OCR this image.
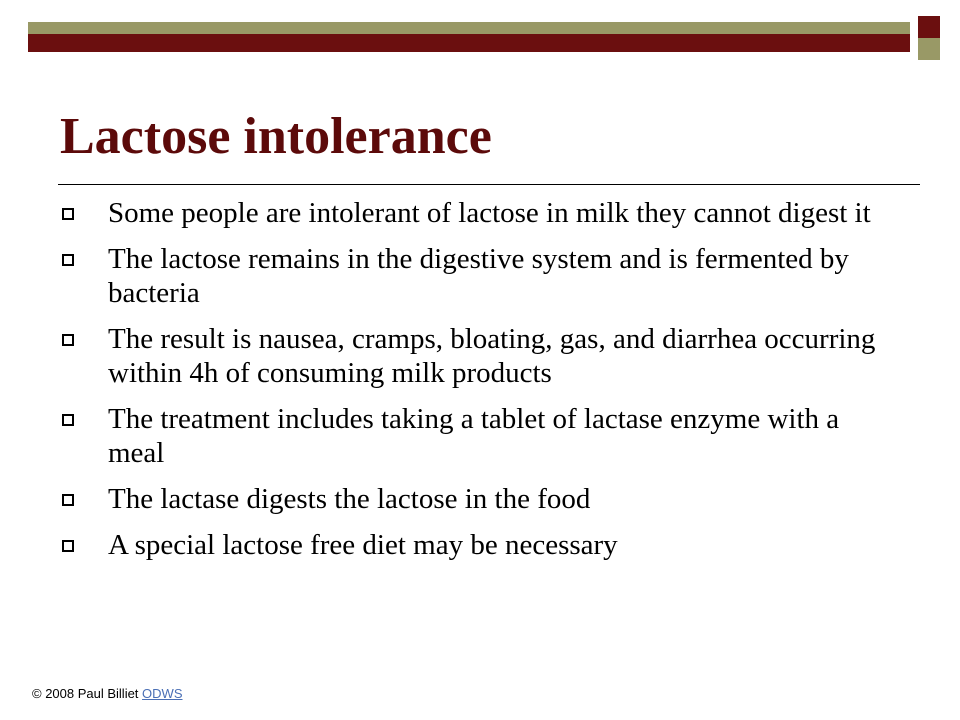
Lactose intolerance
Some people are intolerant of lactose in milk they cannot digest it
The lactose remains in the digestive system and is fermented by bacteria
The result is nausea, cramps, bloating, gas, and diarrhea occurring within 4h of consuming milk products
The treatment includes taking a tablet of lactase enzyme with a meal
The lactase digests the lactose in the food
A special lactose free diet may be necessary
© 2008 Paul Billiet ODWS
